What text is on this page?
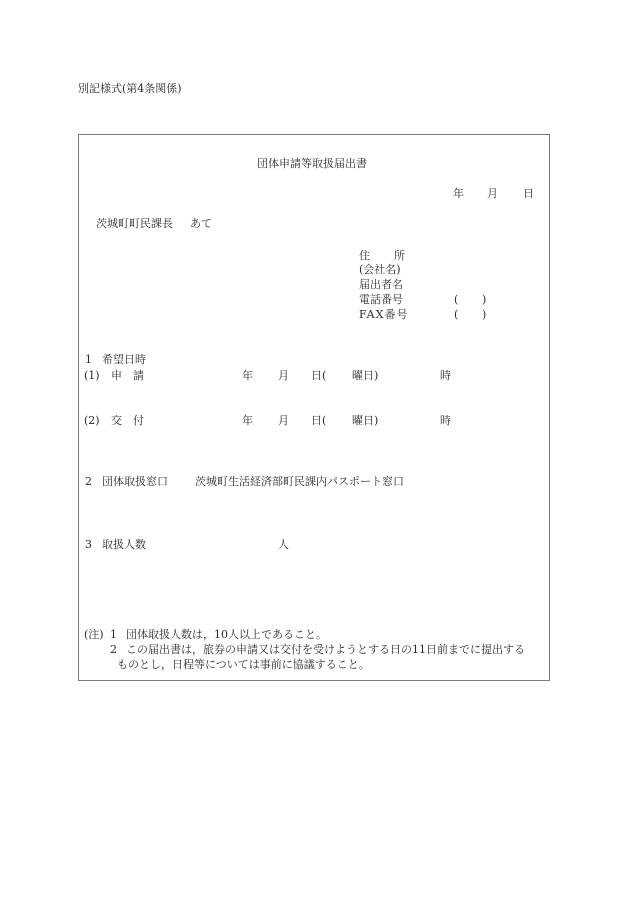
別記様式(第4条関係)
団体申請等取扱届出書
年 月 日
茨城町町民課長 あて
住 所
(会社名)
届出者名
電話番号	( )
FAX番号	( )
1 希望日時
(1) 申 請	年 月 日( 曜日)	時
(2) 交 付	年 月 日( 曜日)	時
2 団体取扱窓口 茨城町生活経済部町民課内パスポート窓口
3 取扱人数	人
(注) 1 団体取扱人数は，10人以上であること。
2 この届出書は，旅券の申請又は交付を受けようとする日の11日前までに提出する
ものとし，日程等については事前に協議すること。
